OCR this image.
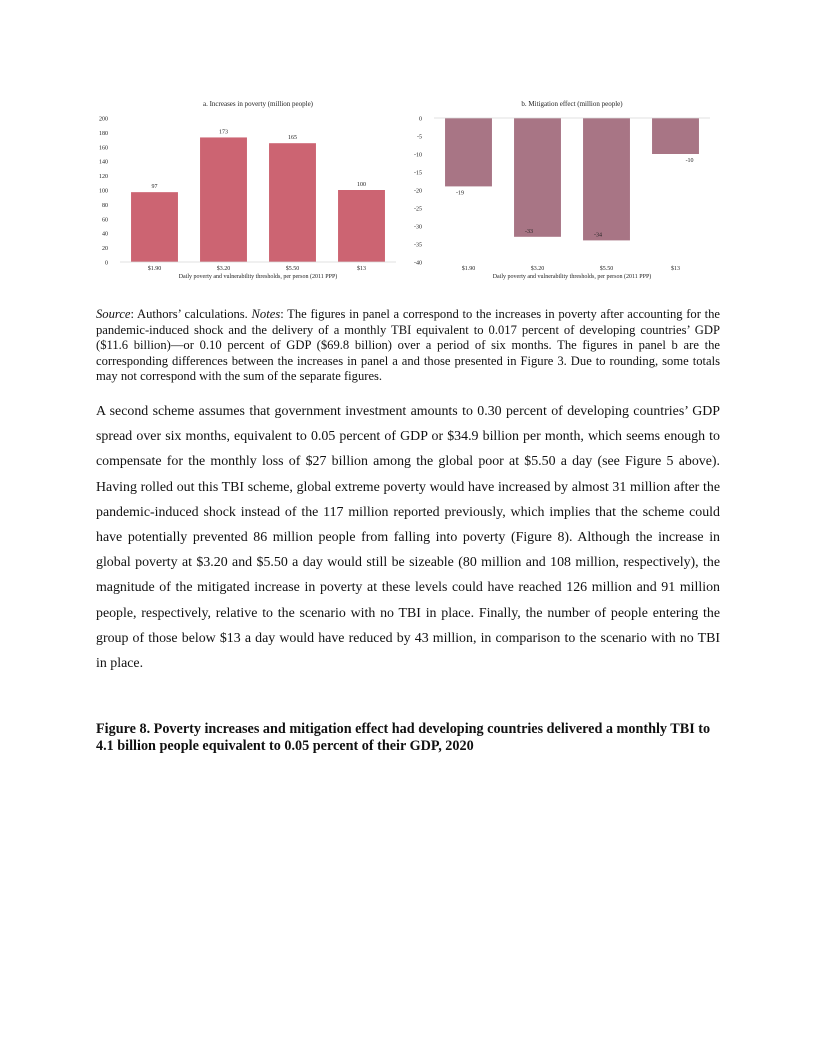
a. Increases in poverty (million people)
0
20
40
60
80
100
120
140
160
180
200
97
$1.90
173
$3.20
165
$5.50
100
$13
Daily poverty and vulnerability thresholds, per person (2011 PPP)
b. Mitigation effect (million people)
0
-5
-10
-15
-20
-25
-30
-35
-40
-19
$1.90
-33
$3.20
-34
$5.50
-10
$13
Daily poverty and vulnerability thresholds, per person (2011 PPP)
Source: Authors’ calculations. Notes: The figures in panel a correspond to the increases in poverty after accounting for the pandemic-induced shock and the delivery of a monthly TBI equivalent to 0.017 percent of developing countries’ GDP ($11.6 billion)—or 0.10 percent of GDP ($69.8 billion) over a period of six months. The figures in panel b are the corresponding differences between the increases in panel a and those presented in Figure 3. Due to rounding, some totals may not correspond with the sum of the separate figures.

A second scheme assumes that government investment amounts to 0.30 percent of developing countries’ GDP spread over six months, equivalent to 0.05 percent of GDP or $34.9 billion per month, which seems enough to compensate for the monthly loss of $27 billion among the global poor at $5.50 a day (see Figure 5 above). Having rolled out this TBI scheme, global extreme poverty would have increased by almost 31 million after the pandemic-induced shock instead of the 117 million reported previously, which implies that the scheme could have potentially prevented 86 million people from falling into poverty (Figure 8). Although the increase in global poverty at $3.20 and $5.50 a day would still be sizeable (80 million and 108 million, respectively), the magnitude of the mitigated increase in poverty at these levels could have reached 126 million and 91 million people, respectively, relative to the scenario with no TBI in place. Finally, the number of people entering the group of those below $13 a day would have reduced by 43 million, in comparison to the scenario with no TBI in place.

Figure 8. Poverty increases and mitigation effect had developing countries delivered a monthly TBI to 4.1 billion people equivalent to 0.05 percent of their GDP, 2020
